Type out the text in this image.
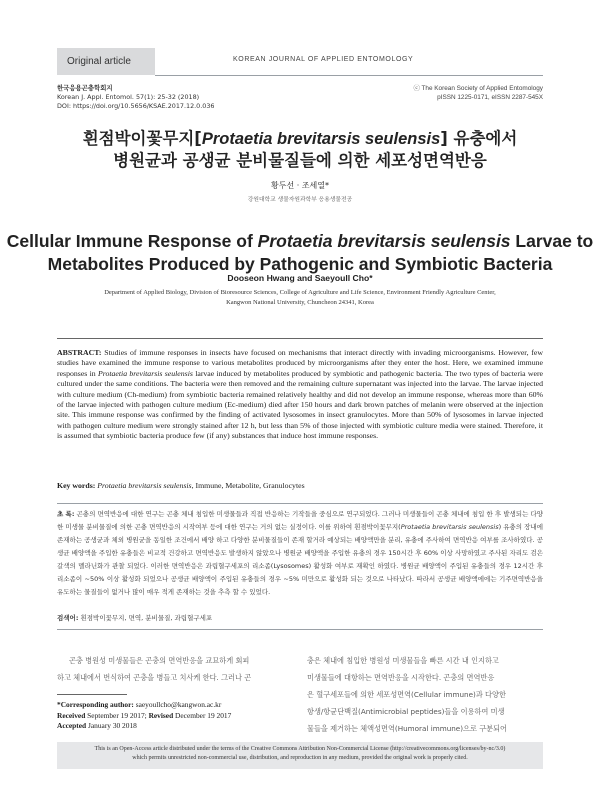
Original article	KOREAN JOURNAL OF APPLIED ENTOMOLOGY
한국응용곤충학회지
Korean J. Appl. Entomol. 57(1): 25-32 (2018)
DOI: https://doi.org/10.5656/KSAE.2017.12.0.036
ⓒ The Korean Society of Applied Entomology
pISSN 1225-0171, eISSN 2287-545X
흰점박이꽃무지[Protaetia brevitarsis seulensis] 유충에서
병원균과 공생균 분비물질들에 의한 세포성면역반응
황두선 · 조세열*
강원대학교 생물자원과학부 응용생물전공
Cellular Immune Response of Protaetia brevitarsis seulensis Larvae to
Metabolites Produced by Pathogenic and Symbiotic Bacteria
Dooseon Hwang and Saeyoull Cho*
Department of Applied Biology, Division of Bioresource Sciences, College of Agriculture and Life Science, Environment Friendly Agriculture Center,
Kangwon National University, Chuncheon 24341, Korea
ABSTRACT: Studies of immune responses in insects have focused on mechanisms that interact directly with invading microorganisms. However, few studies have examined the immune response to various metabolites produced by microorganisms after they enter the host. Here, we examined immune responses in Protaetia brevitarsis seulensis larvae induced by metabolites produced by symbiotic and pathogenic bacteria. The two types of bacteria were cultured under the same conditions. The bacteria were then removed and the remaining culture supernatant was injected into the larvae. The larvae injected with culture medium (Ch-medium) from symbiotic bacteria remained relatively healthy and did not develop an immune response, whereas more than 60% of the larvae injected with pathogen culture medium (Ec-medium) died after 150 hours and dark brown patches of melanin were observed at the injection site. This immune response was confirmed by the finding of activated lysosomes in insect granulocytes. More than 50% of lysosomes in larvae injected with pathogen culture medium were strongly stained after 12 h, but less than 5% of those injected with symbiotic culture media were stained. Therefore, it is assumed that symbiotic bacteria produce few (if any) substances that induce host immune responses.
Key words: Protaetia brevitarsis seulensis, Immune, Metabolite, Granulocytes
초 록: 곤충의 면역반응에 대한 연구는 곤충 체내 침입한 미생물들과 직접 반응하는 기작들을 중심으로 연구되었다. 그러나 미생물들이 곤충 체내에 침입 한 후 발생되는 다양한 미생물 분비물질에 의한 곤충 면역반응의 시작여부 등에 대한 연구는 거의 없는 실정이다. 이를 위하여 흰점박이꽃무지(Protaetia brevitarsis seulensis) 유충의 장내에 존재하는 공생균과 체외 병원균을 동일한 조건에서 배양 하고 다양한 분비물질들이 존재 할거라 예상되는 배양액만을 분리, 유충에 주사하여 면역반응 여부를 조사하였다. 공생균 배양액을 주입한 유충들은 비교적 건강하고 면역반응도 발생하지 않았으나 병원균 배양액을 주입한 유충의 경우 150시간 후 60% 이상 사망하였고 주사된 자리도 검은 갈색의 멜라닌화가 관찰 되었다. 이러한 면역반응은 과립혈구세포의 리소좀(Lysosomes) 활성화 여부로 재확인 하였다. 병원균 배양액이 주입된 유충들의 경우 12시간 후 리소좀이 ~50% 이상 활성화 되었으나 공생균 배양액이 주입된 유충들의 경우 ~5% 미만으로 활성화 되는 것으로 나타났다. 따라서 공생균 배양액에에는 기주면역반응을 유도하는 물질들이 없거나 많이 매우 적게 존재하는 것을 추측 할 수 있었다.
검색어: 흰점박이꽃무지, 면역, 분비물질, 과립혈구세포
곤충 병원성 미생물들은 곤충의 면역반응을 교묘하게 회피
하고 체내에서 번식하여 곤충을 병들고 치사케 한다. 그러나 곤
충은 체내에 침입한 병원성 미생물들을 빠른 시간 내 인지하고
미생물들에 대항하는 면역반응을 시작한다. 곤충의 면역반응
은 혈구세포들에 의한 세포성면역(Cellular immune)과 다양한
항생/항균단백질(Antimicrobial peptides)들을 이용하여 미생
물들을 제거하는 체액성면역(Humoral immune)으로 구분되어
*Corresponding author: saeyoullcho@kangwon.ac.kr
Received September 19 2017; Revised December 19 2017
Accepted January 30 2018
This is an Open-Access article distributed under the terms of the Creative Commons Attribution Non-Commercial License (http://creativecommons.org/licenses/by-nc/3.0)
which permits unrestricted non-commercial use, distribution, and reproduction in any medium, provided the original work is properly cited.
